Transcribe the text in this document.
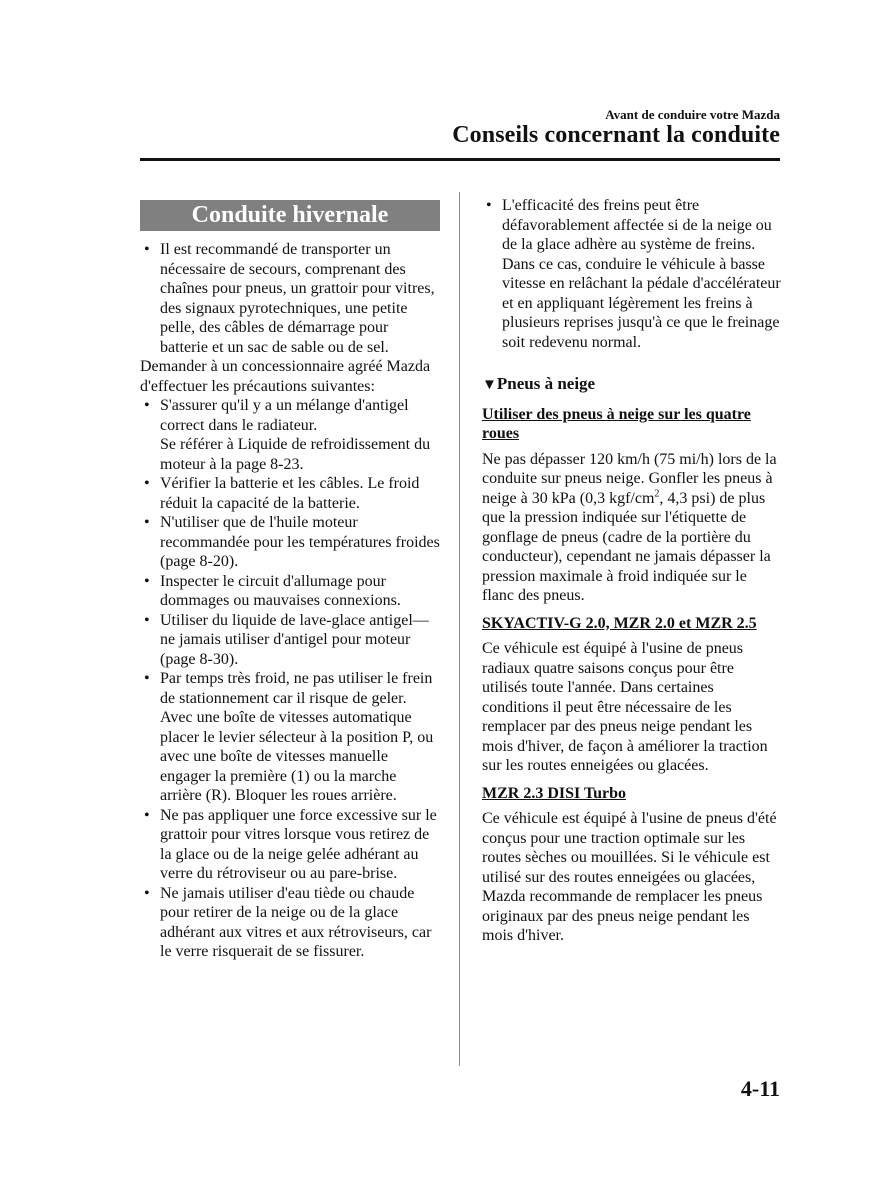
Avant de conduire votre Mazda
Conseils concernant la conduite
Conduite hivernale
• Il est recommandé de transporter un nécessaire de secours, comprenant des chaînes pour pneus, un grattoir pour vitres, des signaux pyrotechniques, une petite pelle, des câbles de démarrage pour batterie et un sac de sable ou de sel.

Demander à un concessionnaire agréé Mazda d'effectuer les précautions suivantes:

• S'assurer qu'il y a un mélange d'antigel correct dans le radiateur.
Se référer à Liquide de refroidissement du moteur à la page 8-23.
• Vérifier la batterie et les câbles. Le froid réduit la capacité de la batterie.
• N'utiliser que de l'huile moteur recommandée pour les températures froides (page 8-20).
• Inspecter le circuit d'allumage pour dommages ou mauvaises connexions.
• Utiliser du liquide de lave-glace antigel—ne jamais utiliser d'antigel pour moteur (page 8-30).
• Par temps très froid, ne pas utiliser le frein de stationnement car il risque de geler. Avec une boîte de vitesses automatique placer le levier sélecteur à la position P, ou avec une boîte de vitesses manuelle engager la première (1) ou la marche arrière (R). Bloquer les roues arrière.
• Ne pas appliquer une force excessive sur le grattoir pour vitres lorsque vous retirez de la glace ou de la neige gelée adhérant au verre du rétroviseur ou au pare-brise.
• Ne jamais utiliser d'eau tiède ou chaude pour retirer de la neige ou de la glace adhérant aux vitres et aux rétroviseurs, car le verre risquerait de se fissurer.
• L'efficacité des freins peut être défavorablement affectée si de la neige ou de la glace adhère au système de freins. Dans ce cas, conduire le véhicule à basse vitesse en relâchant la pédale d'accélérateur et en appliquant légèrement les freins à plusieurs reprises jusqu'à ce que le freinage soit redevenu normal.
▼Pneus à neige
Utiliser des pneus à neige sur les quatre roues

Ne pas dépasser 120 km/h (75 mi/h) lors de la conduite sur pneus neige. Gonfler les pneus à neige à 30 kPa (0,3 kgf/$cm^2$, 4,3 psi) de plus que la pression indiquée sur l'étiquette de gonflage de pneus (cadre de la portière du conducteur), cependant ne jamais dépasser la pression maximale à froid indiquée sur le flanc des pneus.

SKYACTIV-G 2.0, MZR 2.0 et MZR 2.5

Ce véhicule est équipé à l'usine de pneus radiaux quatre saisons conçus pour être utilisés toute l'année. Dans certaines conditions il peut être nécessaire de les remplacer par des pneus neige pendant les mois d'hiver, de façon à améliorer la traction sur les routes enneigées ou glacées.

MZR 2.3 DISI Turbo

Ce véhicule est équipé à l'usine de pneus d'été conçus pour une traction optimale sur les routes sèches ou mouillées. Si le véhicule est utilisé sur des routes enneigées ou glacées, Mazda recommande de remplacer les pneus originaux par des pneus neige pendant les mois d'hiver.

4-11
